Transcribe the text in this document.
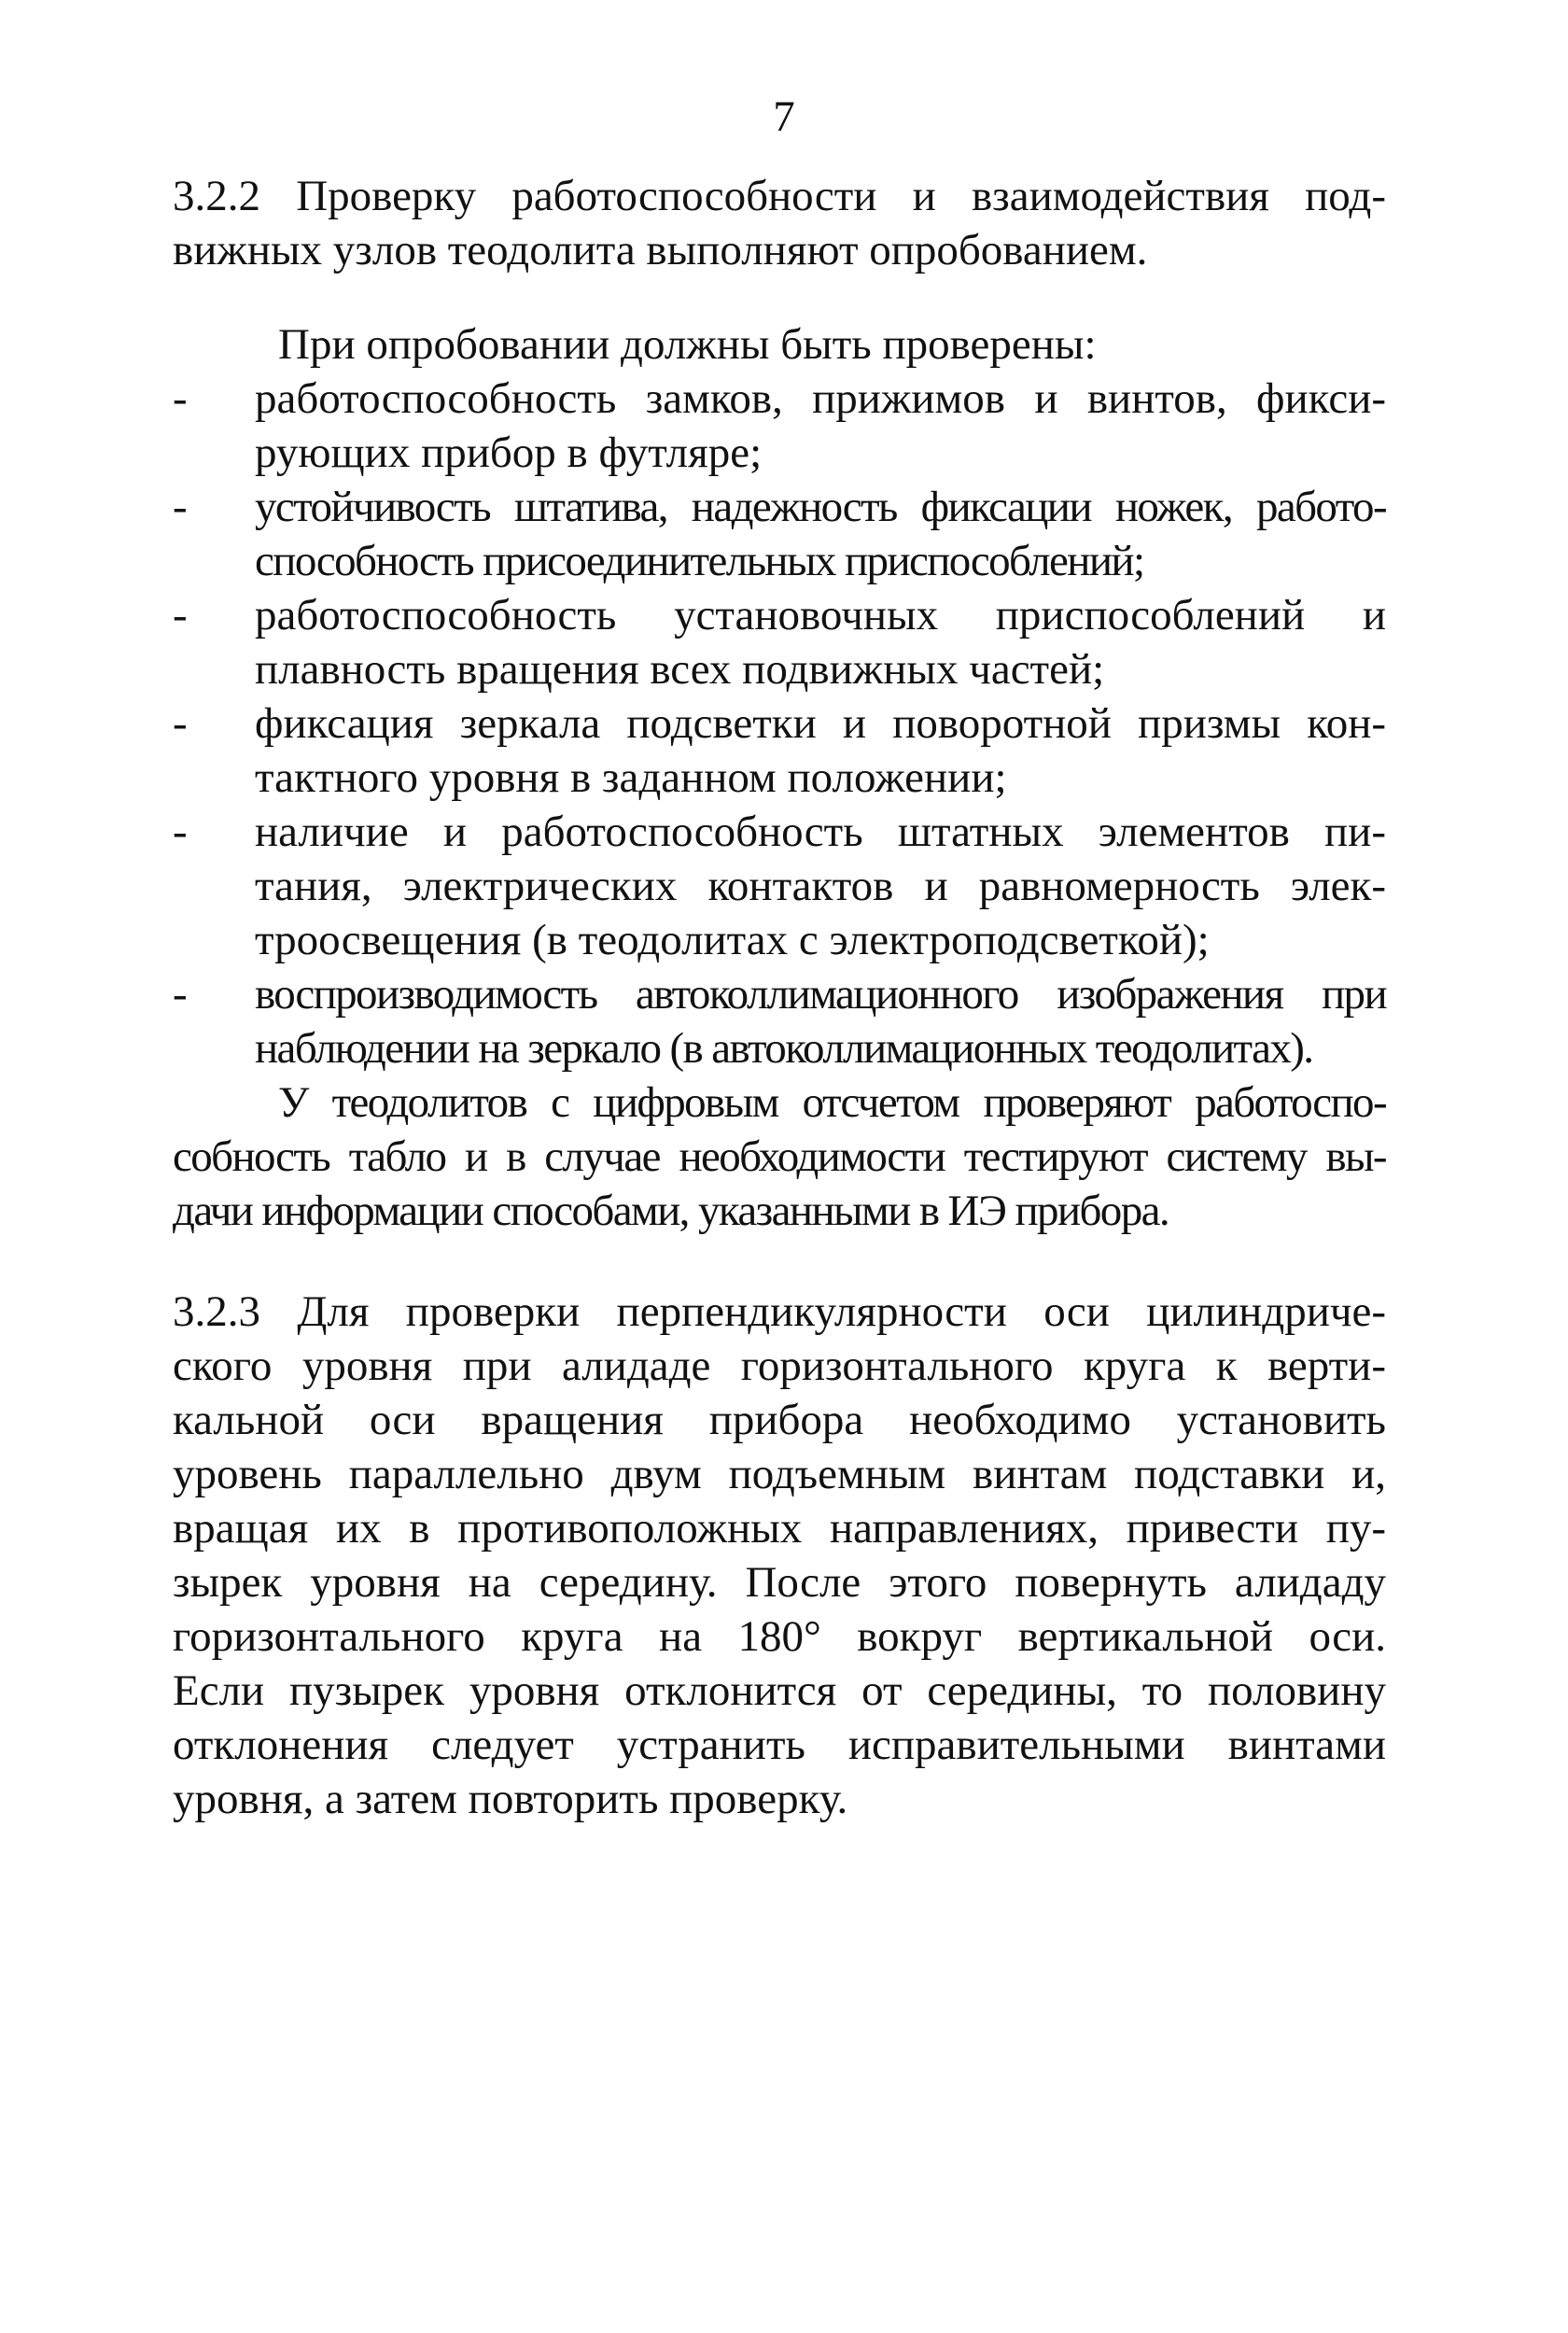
7
3.2.2 Проверку работоспособности и взаимодействия под-
вижных узлов теодолита выполняют опробованием.
При опробовании должны быть проверены:
- работоспособность замков, прижимов и винтов, фикси-
рующих прибор в футляре;
- устойчивость штатива, надежность фиксации ножек, работо-
способность присоединительных приспособлений;
- работоспособность установочных приспособлений и
плавность вращения всех подвижных частей;
- фиксация зеркала подсветки и поворотной призмы кон-
тактного уровня в заданном положении;
- наличие и работоспособность штатных элементов пи-
тания, электрических контактов и равномерность элек-
троосвещения (в теодолитах с электроподсветкой);
- воспроизводимость автоколлимационного изображения при
наблюдении на зеркало (в автоколлимационных теодолитах).
У теодолитов с цифровым отсчетом проверяют работоспо-
собность табло и в случае необходимости тестируют систему вы-
дачи информации способами, указанными в ИЭ прибора.
3.2.3 Для проверки перпендикулярности оси цилиндриче-
ского уровня при алидаде горизонтального круга к верти-
кальной оси вращения прибора необходимо установить
уровень параллельно двум подъемным винтам подставки и,
вращая их в противоположных направлениях, привести пу-
зырек уровня на середину. После этого повернуть алидаду
горизонтального круга на 180° вокруг вертикальной оси.
Если пузырек уровня отклонится от середины, то половину
отклонения следует устранить исправительными винтами
уровня, а затем повторить проверку.
